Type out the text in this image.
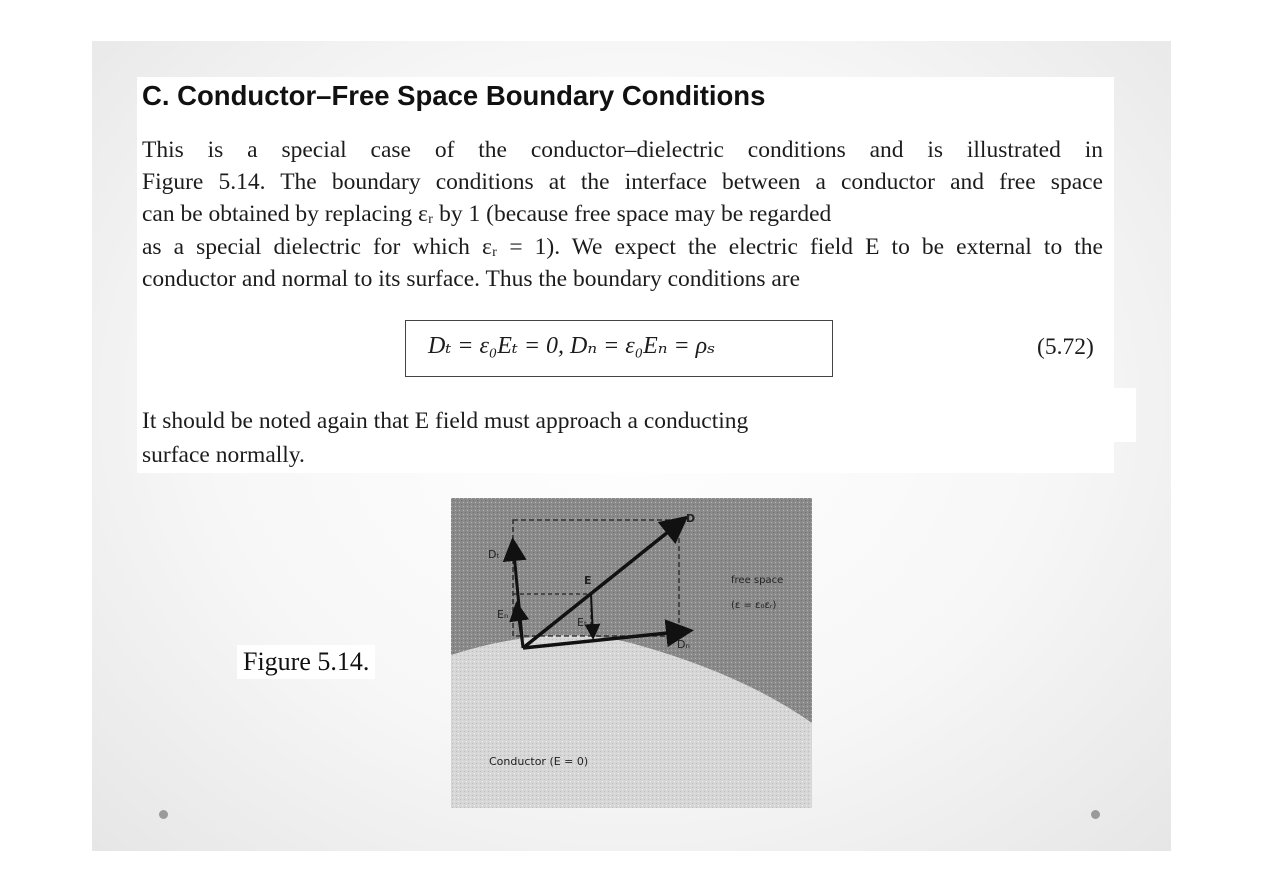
C. Conductor–Free Space Boundary Conditions
This is a special case of the conductor–dielectric conditions and is illustrated in
Figure 5.14. The boundary conditions at the interface between a conductor and free space
can be obtained by replacing εᵣ by 1 (because free space may be regarded
as a special dielectric for which εᵣ = 1). We expect the electric field E to be external to the
conductor and normal to its surface. Thus the boundary conditions are
Dₜ = ε₀Eₜ = 0, Dₙ = ε₀Eₙ = ρₛ	(5.72)
It should be noted again that E field must approach a conducting
surface normally.
Figure 5.14.
D
E
Dₜ
Eₙ
Eₜ
Dₙ
free space
(ε = ε₀εᵣ)
Conductor (E = 0)
